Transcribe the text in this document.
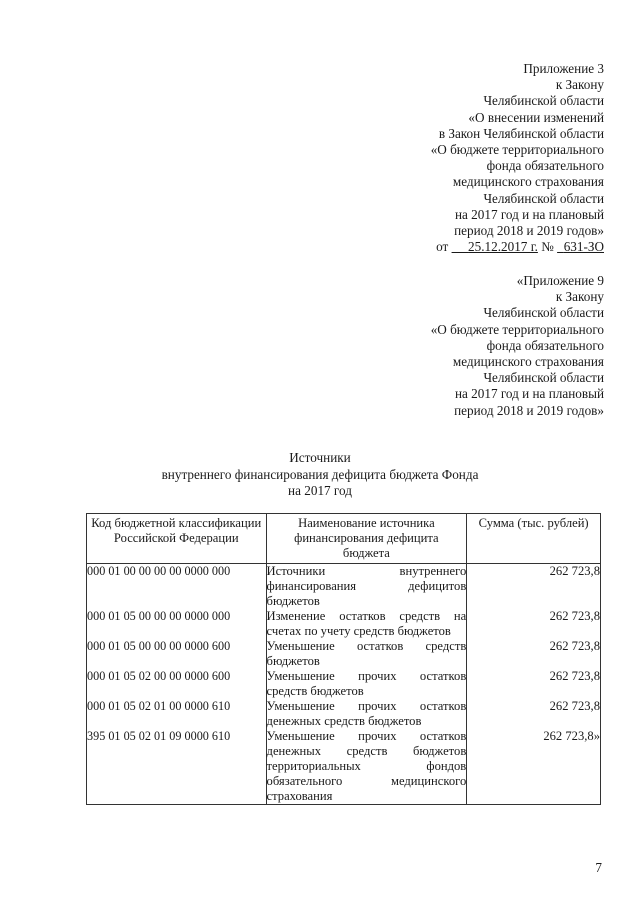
Приложение 3
к Закону
Челябинской области
«О внесении изменений
в Закон Челябинской области
«О бюджете территориального
фонда обязательного
медицинского страхования
Челябинской области
на 2017 год и на плановый
период 2018 и 2019 годов»
от 25.12.2017 г. № 631-ЗО
«Приложение 9
к Закону
Челябинской области
«О бюджете территориального
фонда обязательного
медицинского страхования
Челябинской области
на 2017 год и на плановый
период 2018 и 2019 годов»
Источники
внутреннего финансирования дефицита бюджета Фонда
на 2017 год
Код бюджетной классификации Российской Федерации	Наименование источника финансирования дефицита бюджета	Сумма (тыс. рублей)
000 01 00 00 00 00 0000 000	Источники внутреннего финансирования дефицитов бюджетов	262 723,8
000 01 05 00 00 00 0000 000	Изменение остатков средств на счетах по учету средств бюджетов	262 723,8
000 01 05 00 00 00 0000 600	Уменьшение остатков средств бюджетов	262 723,8
000 01 05 02 00 00 0000 600	Уменьшение прочих остатков средств бюджетов	262 723,8
000 01 05 02 01 00 0000 610	Уменьшение прочих остатков денежных средств бюджетов	262 723,8
395 01 05 02 01 09 0000 610	Уменьшение прочих остатков денежных средств бюджетов территориальных фондов обязательного медицинского страхования	262 723,8»
7
